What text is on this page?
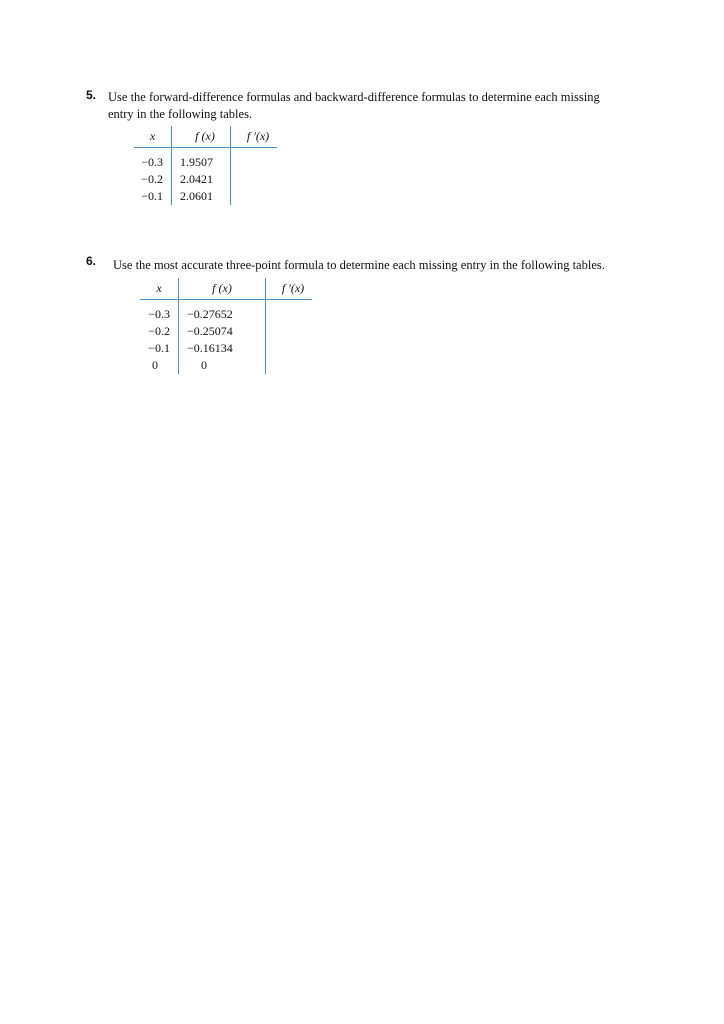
5. Use the forward-difference formulas and backward-difference formulas to determine each missing
entry in the following tables.
x	f (x)	f ′(x)
−0.3	1.9507	
−0.2	2.0421	
−0.1	2.0601	
6. Use the most accurate three-point formula to determine each missing entry in the following tables.
x	f (x)	f ′(x)
−0.3	−0.27652	
−0.2	−0.25074	
−0.1	−0.16134	
0	0	
